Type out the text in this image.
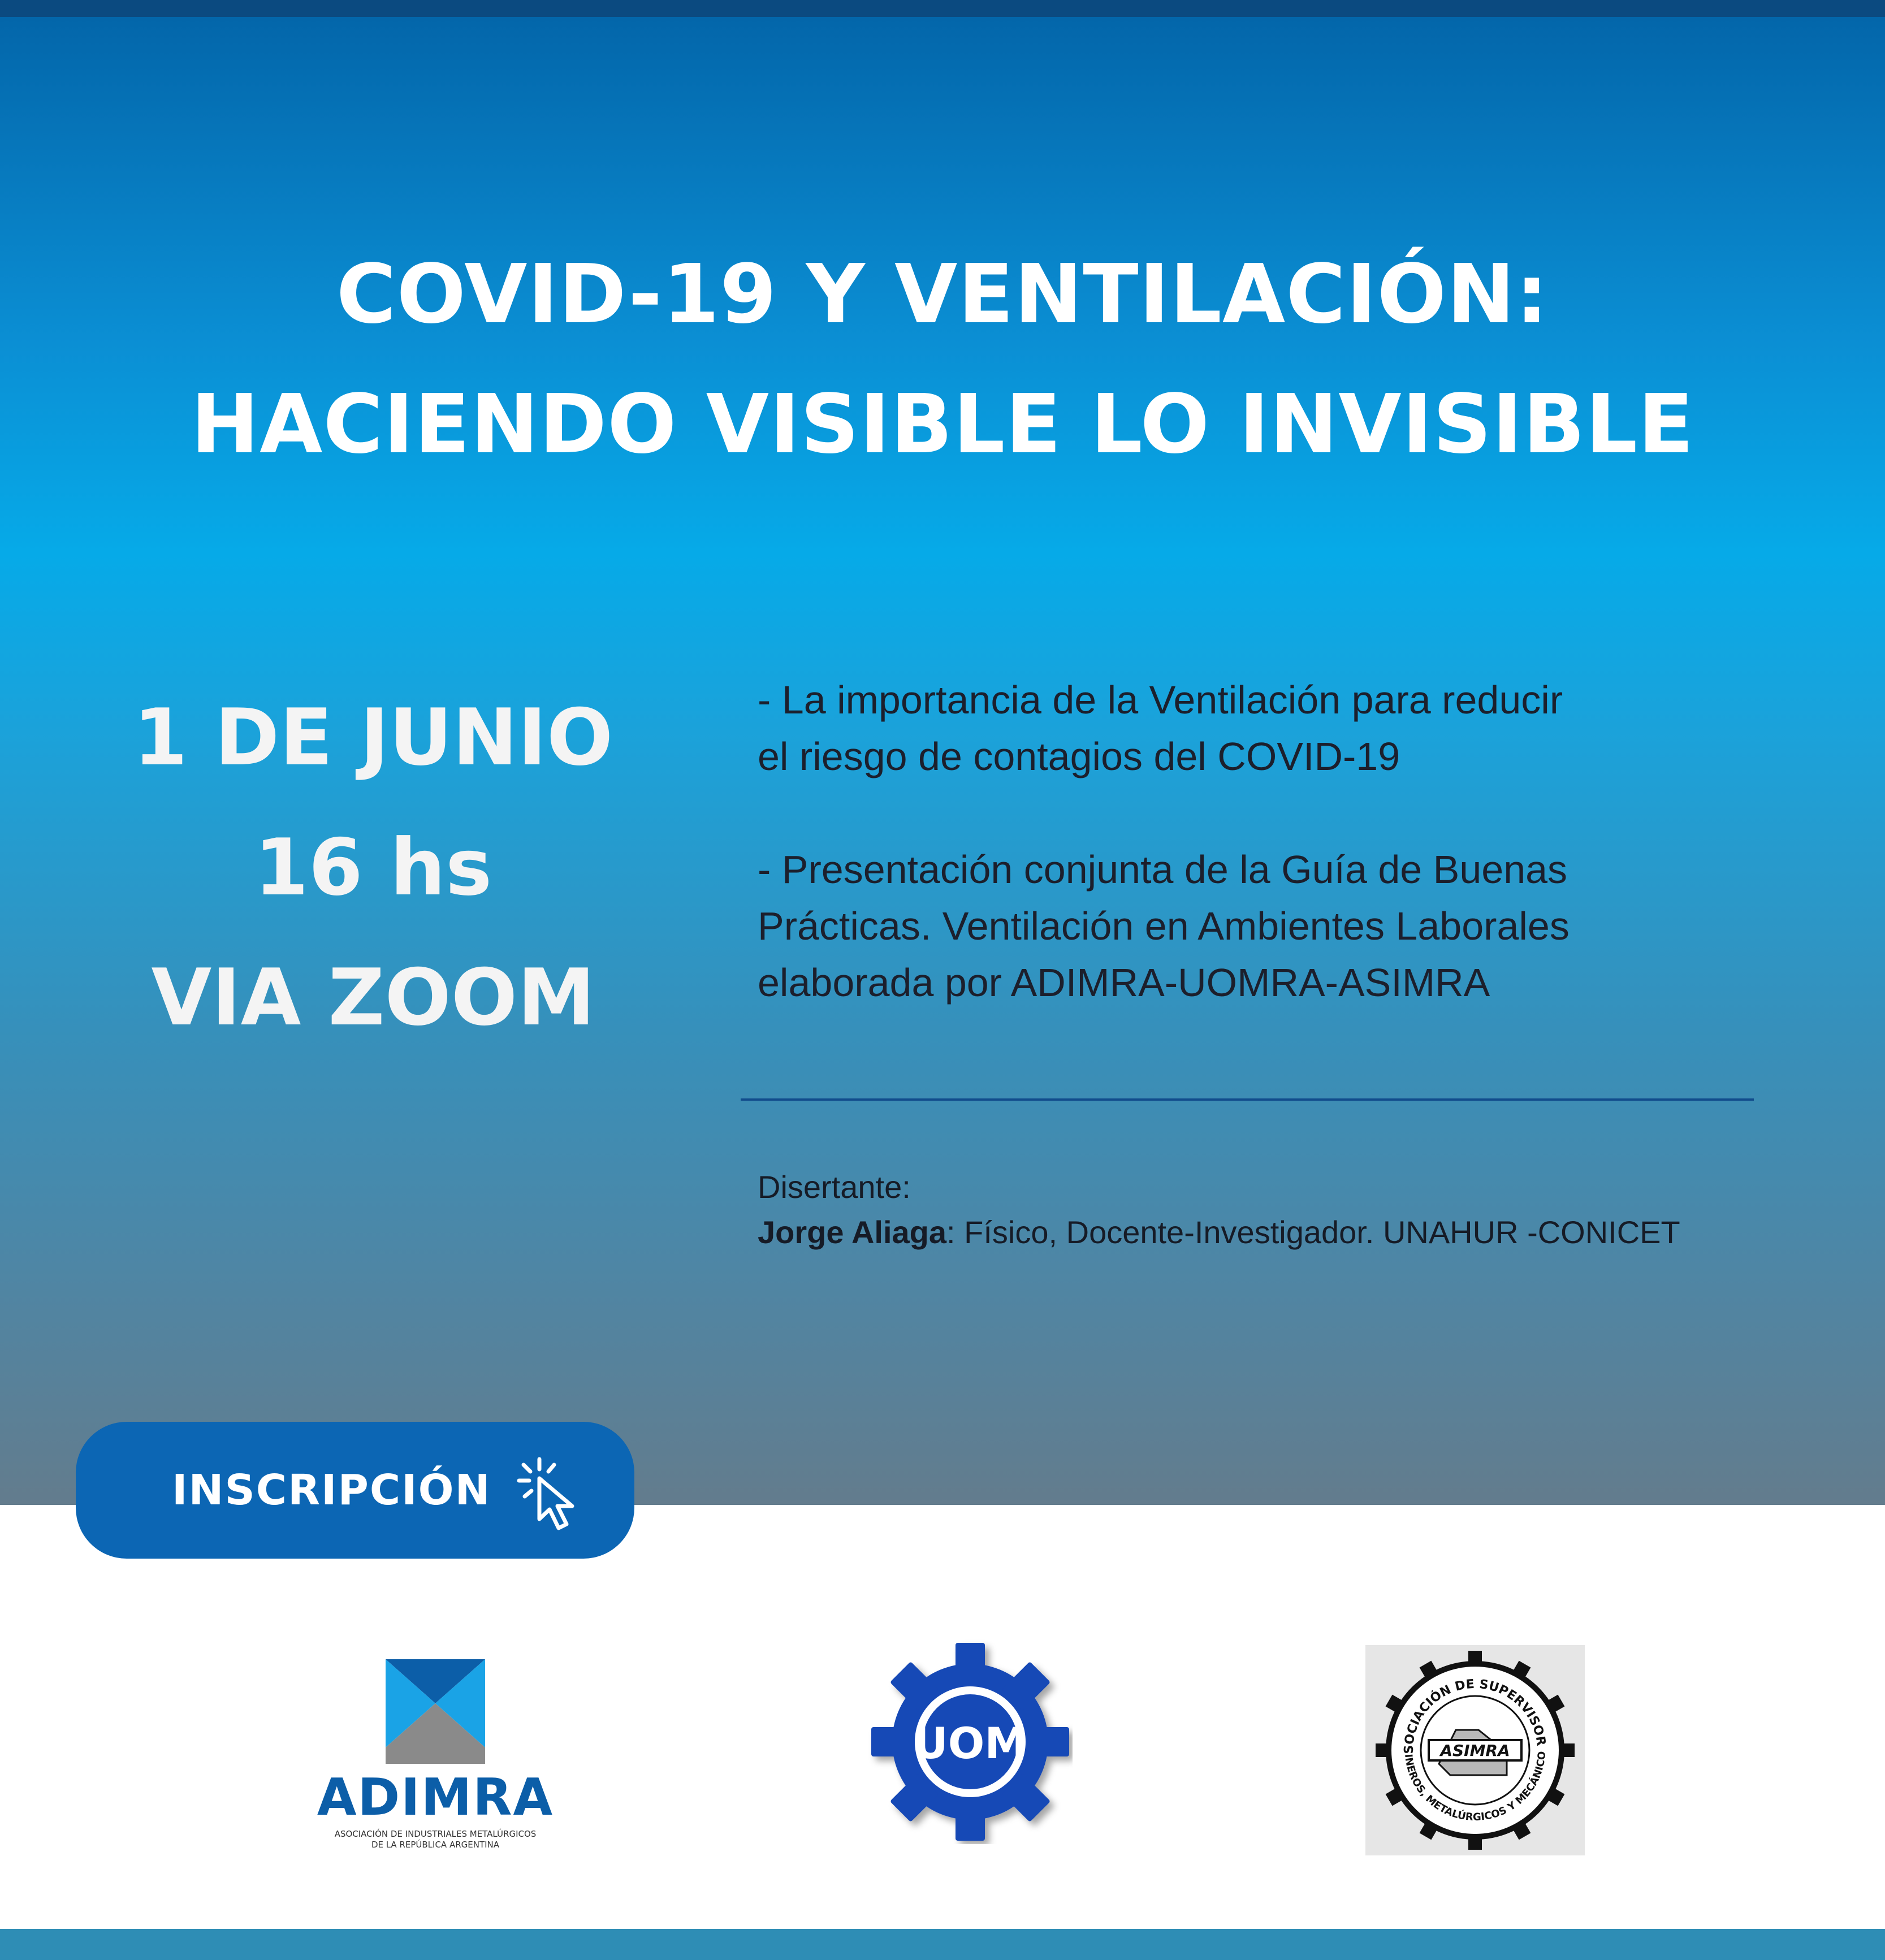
COVID-19 Y VENTILACIÓN:
HACIENDO VISIBLE LO INVISIBLE
1 DE JUNIO
16 hs
VIA ZOOM

- La importancia de la Ventilación para reducir
el riesgo de contagios del COVID-19

- Presentación conjunta de la Guía de Buenas
Prácticas. Ventilación en Ambientes Laborales
elaborada por ADIMRA-UOMRA-ASIMRA

Disertante:
Jorge Aliaga: Físico, Docente-Investigador. UNAHUR -CONICET
INSCRIPCIÓN
ADIMRA
ASOCIACIÓN DE INDUSTRIALES METALÚRGICOS
DE LA REPÚBLICA ARGENTINA
UOM	SOCIACIÓN DE SUPERVISOR
INEROS, METALÚRGICOS Y MECÁNICO
ASIMRA
